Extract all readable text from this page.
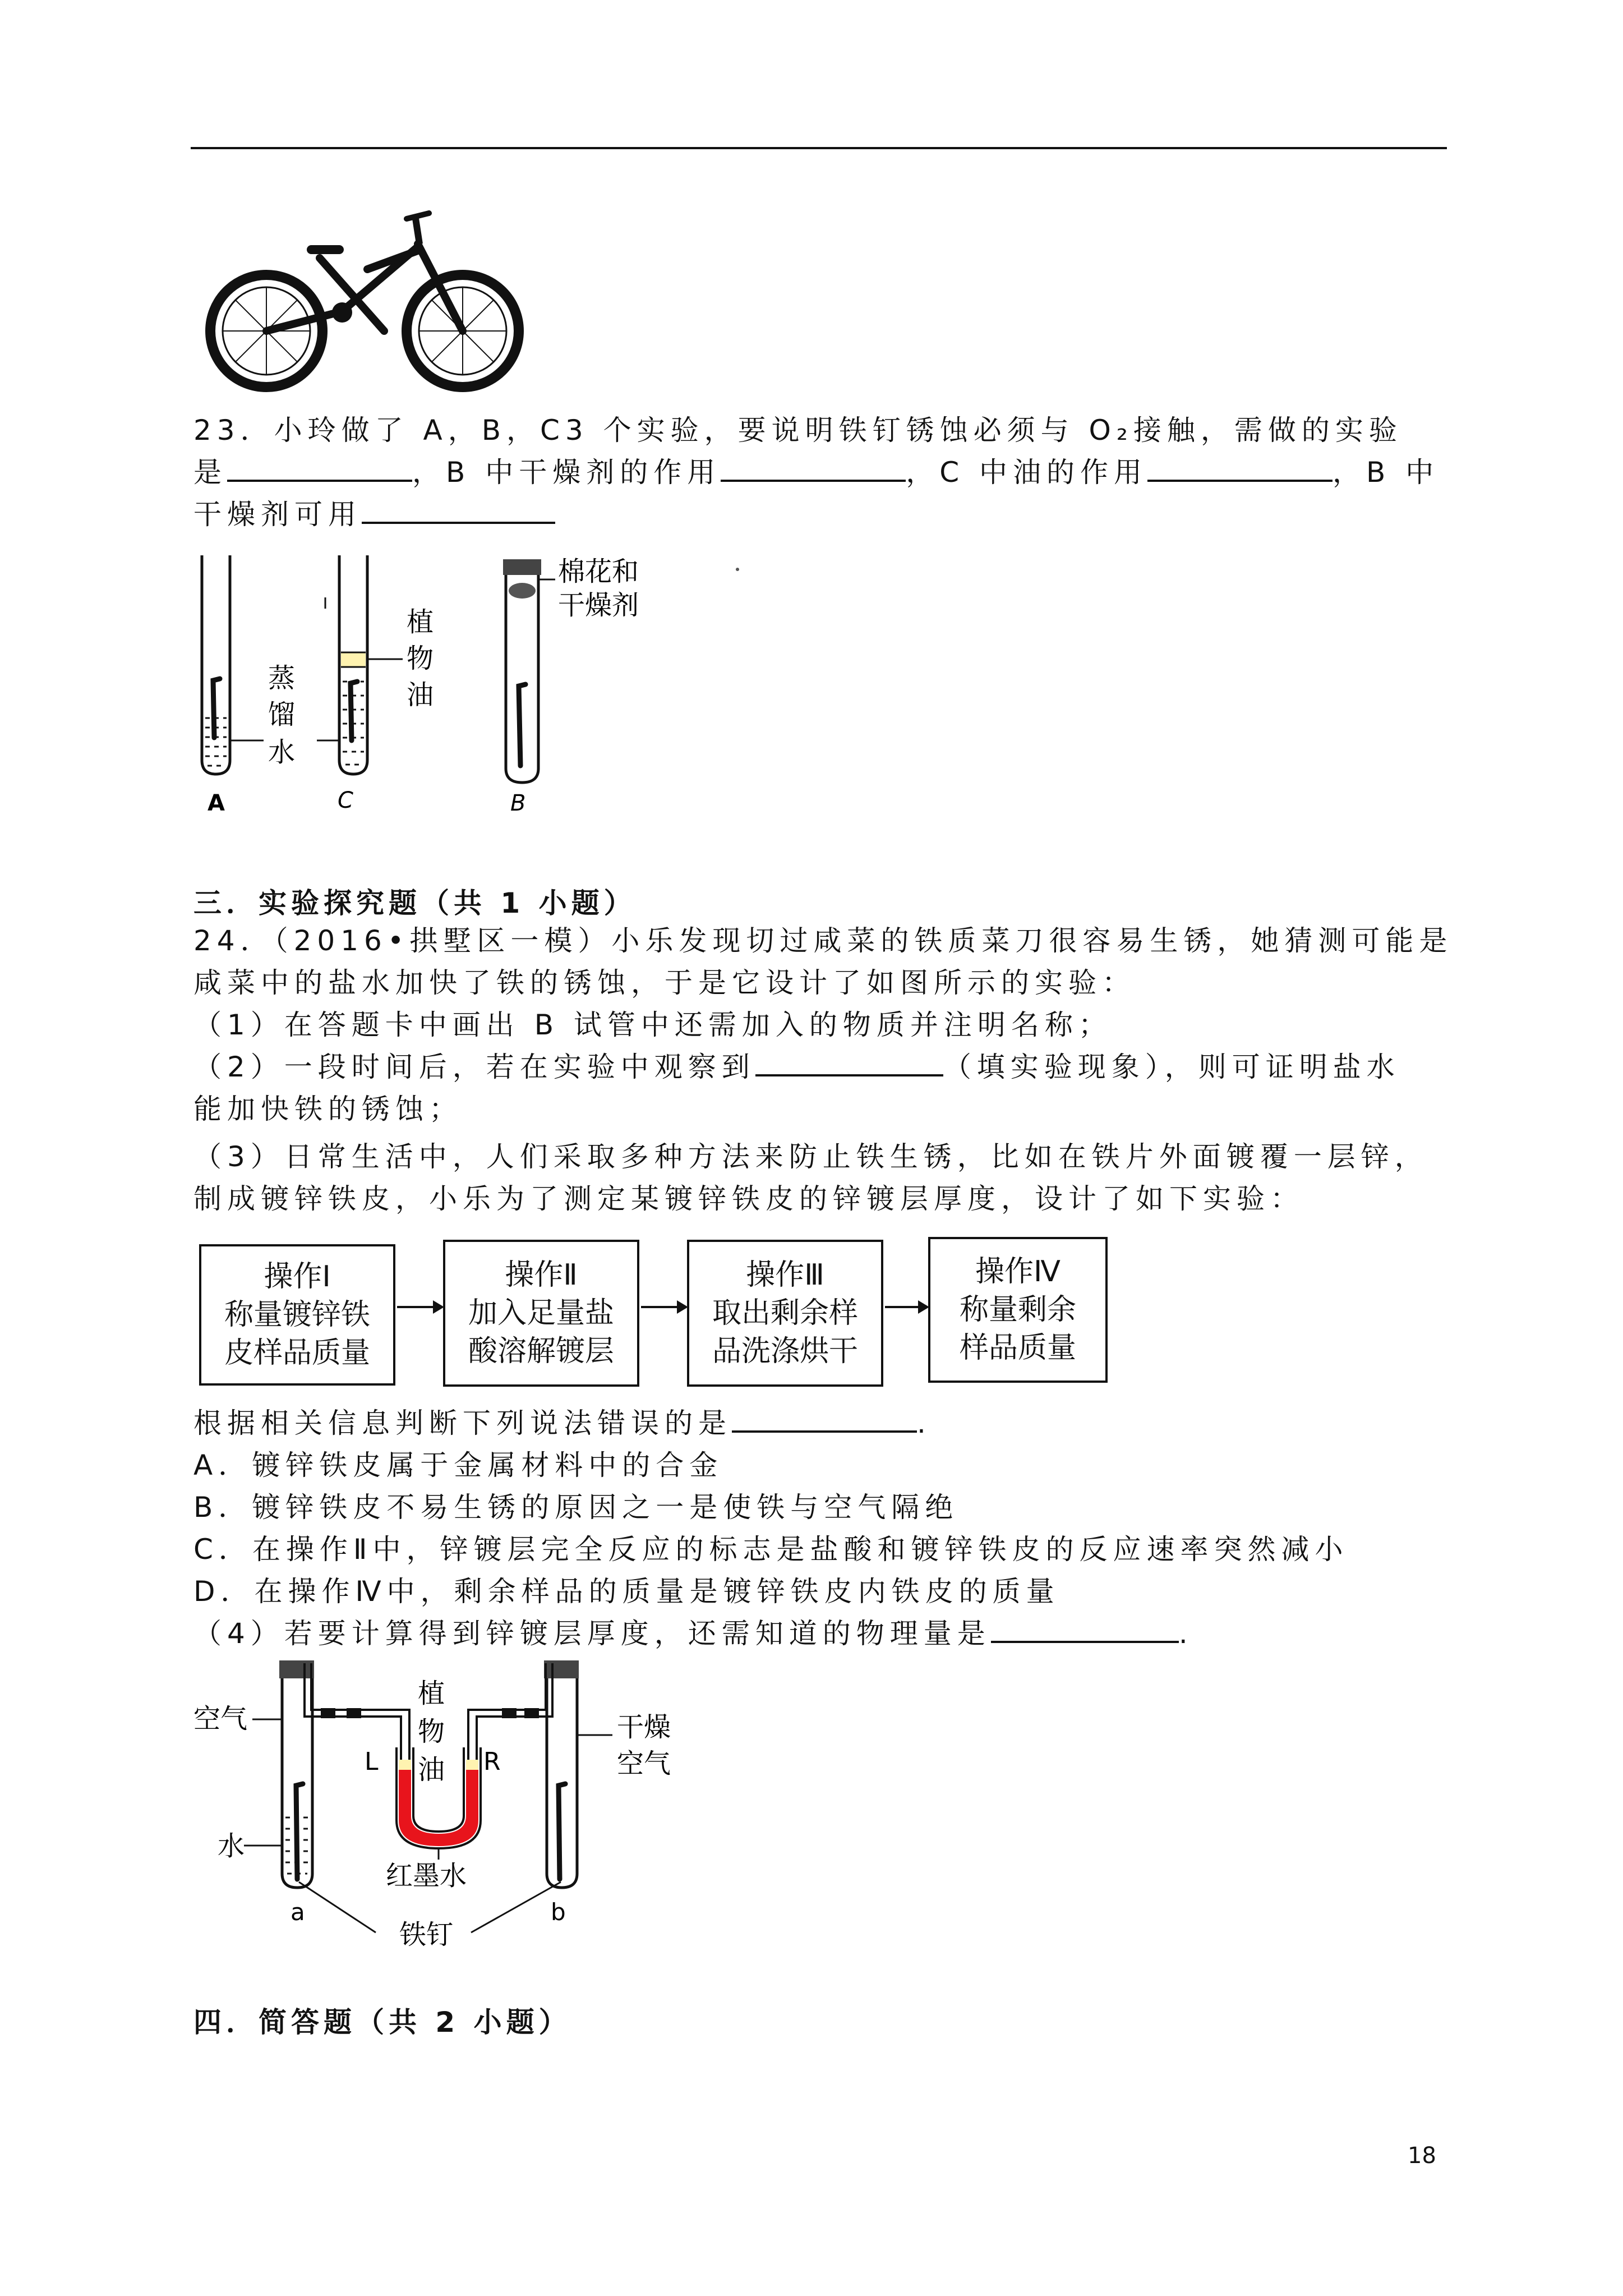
23．小玲做了 A，B，C3 个实验，要说明铁钉锈蚀必须与 O₂接触，需做的实验
是	，B 中干燥剂的作用	，C 中油的作用	，B 中
干燥剂可用
蒸
馏
水
植
物
油
棉花和
干燥剂
A	C	B
三．实验探究题（共 1 小题）
24．（2016•拱墅区一模）小乐发现切过咸菜的铁质菜刀很容易生锈，她猜测可能是
咸菜中的盐水加快了铁的锈蚀，于是它设计了如图所示的实验：
（1）在答题卡中画出 B 试管中还需加入的物质并注明名称；
（2）一段时间后，若在实验中观察到	（填实验现象），则可证明盐水
能加快铁的锈蚀；
（3）日常生活中，人们采取多种方法来防止铁生锈，比如在铁片外面镀覆一层锌，
制成镀锌铁皮，小乐为了测定某镀锌铁皮的锌镀层厚度，设计了如下实验：
操作Ⅰ
称量镀锌铁
皮样品质量
操作Ⅱ
加入足量盐
酸溶解镀层
操作Ⅲ
取出剩余样
品洗涤烘干
操作Ⅳ
称量剩余
样品质量
根据相关信息判断下列说法错误的是	.
A．镀锌铁皮属于金属材料中的合金
B．镀锌铁皮不易生锈的原因之一是使铁与空气隔绝
C．在操作Ⅱ中，锌镀层完全反应的标志是盐酸和镀锌铁皮的反应速率突然减小
D．在操作Ⅳ中，剩余样品的质量是镀锌铁皮内铁皮的质量
（4）若要计算得到锌镀层厚度，还需知道的物理量是	.
空气
水
植
物
油
L	R
干燥
空气
红墨水
铁钉
a	b
四．简答题（共 2 小题）
18
